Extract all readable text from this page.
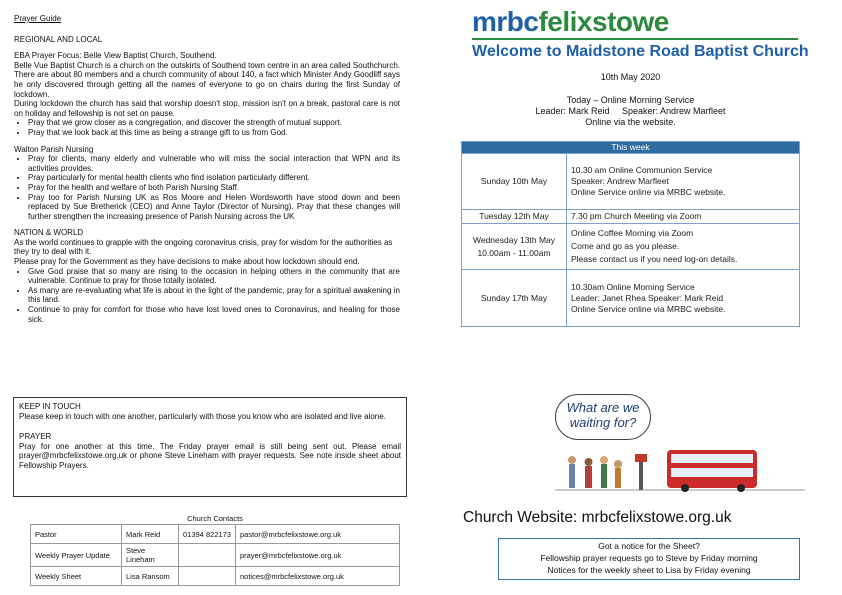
Prayer Guide

REGIONAL AND LOCAL

EBA Prayer Focus: Belle View Baptist Church, Southend.

Belle Vue Baptist Church is a church on the outskirts of Southend town centre in an area called Southchurch. There are about 80 members and a church community of about 140, a fact which Minister Andy Goodliff says he only discovered through getting all the names of everyone to go on chairs during the first Sunday of lockdown.

During lockdown the church has said that worship doesn't stop, mission isn't on a break, pastoral care is not on holiday and fellowship is not set on pause.

• Pray that we grow closer as a congregation, and discover the strength of mutual support.
• Pray that we look back at this time as being a strange gift to us from God.

Walton Parish Nursing

• Pray for clients, many elderly and vulnerable who will miss the social interaction that WPN and its activities provides.
• Pray particularly for mental health clients who find isolation particularly different.
• Pray for the health and welfare of both Parish Nursing Staff.
• Pray too for Parish Nursing UK as Ros Moore and Helen Wordsworth have stood down and been replaced by Sue Bretherick (CEO) and Anne Taylor (Director of Nursing). Pray that these changes will further strengthen the increasing presence of Parish Nursing across the UK

NATION & WORLD

As the world continues to grapple with the ongoing coronavirus crisis, pray for wisdom for the authorities as they try to deal with it.

Please pray for the Government as they have decisions to make about how lockdown should end.

• Give God praise that so many are rising to the occasion in helping others in the community that are vulnerable. Continue to pray for those totally isolated.
• As many are re-evaluating what life is about in the light of the pandemic, pray for a spiritual awakening in this land.
• Continue to pray for comfort for those who have lost loved ones to Coronavirus, and healing for those sick.
KEEP IN TOUCH
Please keep in touch with one another, particularly with those you know who are isolated and live alone.
PRAYER
Pray for one another at this time. The Friday prayer email is still being sent out. Please email prayer@mrbcfelixstowe.org.uk or phone Steve Lineham with prayer requests. See note inside sheet about Fellowship Prayers.
Church Contacts			
Pastor	Mark Reid	01394 822173	pastor@mrbcfelixstowe.org.uk
Weekly Prayer Update	Steve Lineham		prayer@mrbcfelixstowe.org.uk
Weekly Sheet	Lisa Ransom		notices@mrbcfelixstowe.org.uk
mrbcfelixstowe
Welcome to Maidstone Road Baptist Church
10th May 2020
Today – Online Morning Service
Leader: Mark Reid     Speaker: Andrew Marfleet
Online via the website.
This week	
Sunday 10th May	10.30 am Online Communion Service
Speaker: Andrew Marfleet
Online Service online via MRBC website.

Tuesday 12th May	7.30 pm Church Meeting via Zoom

Wednesday 13th May 10.00am - 11.00am	Online Coffee Morning via Zoom
Come and go as you please.
Please contact us if you need log-on details.

Sunday 17th May	10.30am Online Morning Service
Leader: Janet Rhea Speaker: Mark Reid
Online Service online via MRBC website.
What are we waiting for?
Church Website: mrbcfelixstowe.org.uk
Got a notice for the Sheet?
Fellowship prayer requests go to Steve by Friday morning
Notices for the weekly sheet to Lisa by Friday evening
